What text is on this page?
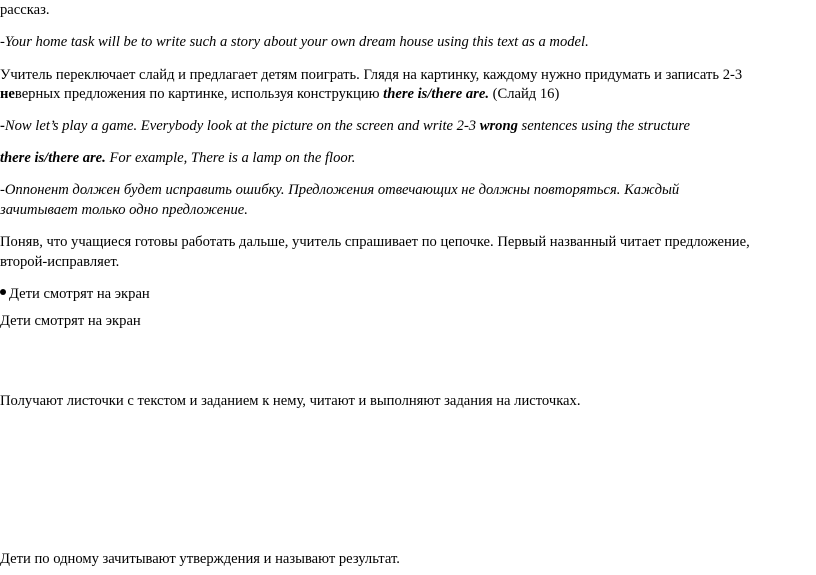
рассказ.
-Your home task will be to write such a story about your own dream house using this text as a model.
Учитель переключает слайд и предлагает детям поиграть. Глядя на картинку, каждому нужно придумать и записать 2-3
неверных предложения по картинке, используя конструкцию there is/there are. (Слайд 16)
-Now let’s play a game. Everybody look at the picture on the screen and write 2-3 wrong sentences using the structure
there is/there are. For example, There is a lamp on the floor.
-Оппонент должен будет исправить ошибку. Предложения отвечающих не должны повторяться. Каждый
зачитывает только одно предложение.
Поняв, что учащиеся готовы работать дальше, учитель спрашивает по цепочке. Первый названный читает предложение,
второй-исправляет.
Дети смотрят на экран
Дети смотрят на экран
Получают листочки с текстом и заданием к нему, читают и выполняют задания на листочках.
Дети по одному зачитывают утверждения и называют результат.
